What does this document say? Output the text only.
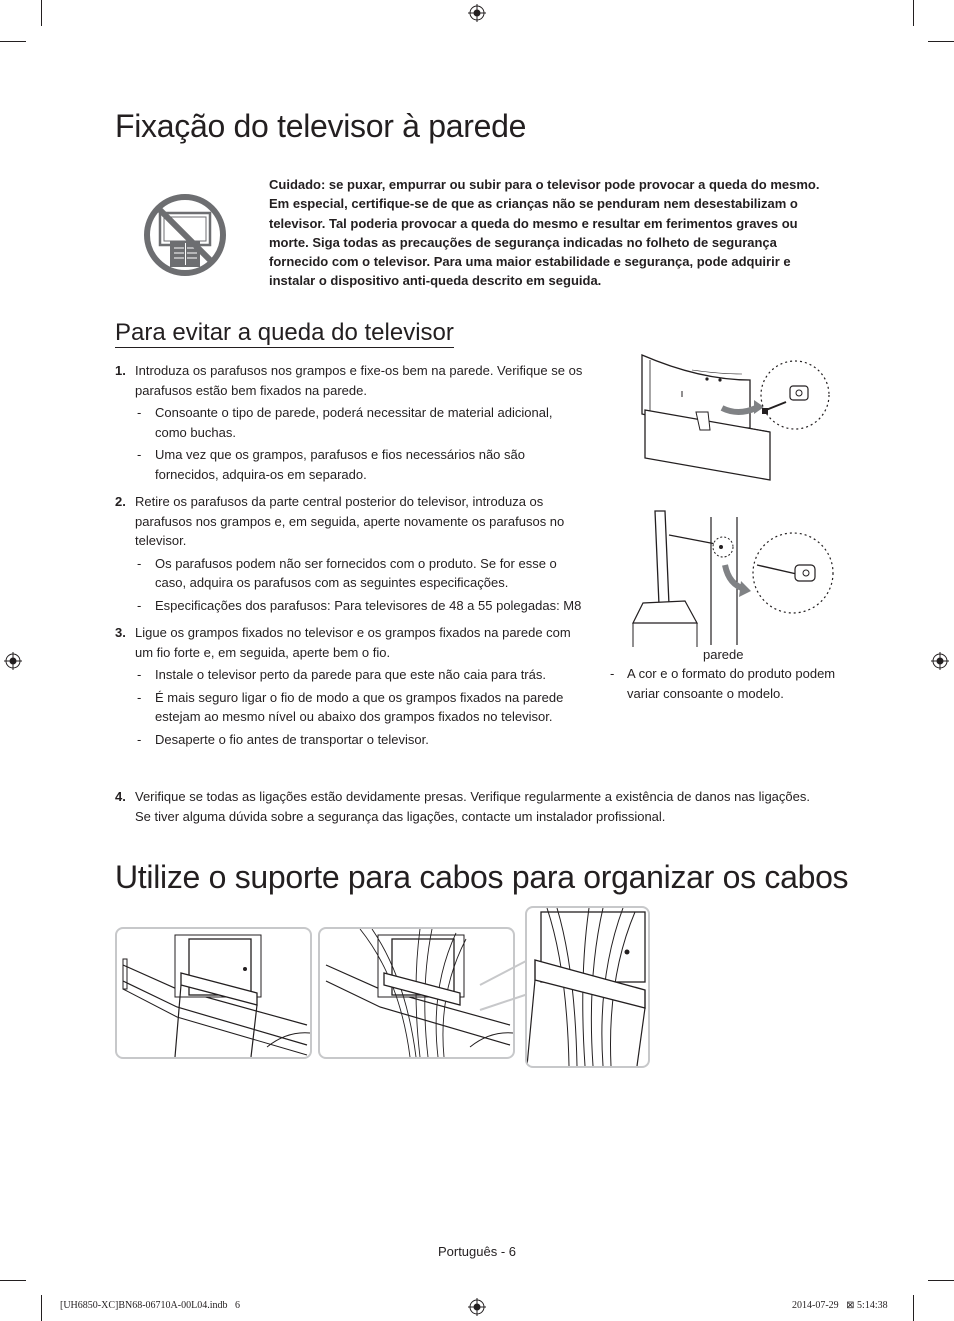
Fixação do televisor à parede
Cuidado: se puxar, empurrar ou subir para o televisor pode provocar a queda do mesmo. Em especial, certifique-se de que as crianças não se penduram nem desestabilizam o televisor. Tal poderia provocar a queda do mesmo e resultar em ferimentos graves ou morte. Siga todas as precauções de segurança indicadas no folheto de segurança fornecido com o televisor. Para uma maior estabilidade e segurança, pode adquirir e instalar o dispositivo anti-queda descrito em seguida.
Para evitar a queda do televisor
1. Introduza os parafusos nos grampos e fixe-os bem na parede. Verifique se os parafusos estão bem fixados na parede.
- Consoante o tipo de parede, poderá necessitar de material adicional, como buchas.
- Uma vez que os grampos, parafusos e fios necessários não são fornecidos, adquira-os em separado.
2. Retire os parafusos da parte central posterior do televisor, introduza os parafusos nos grampos e, em seguida, aperte novamente os parafusos no televisor.
- Os parafusos podem não ser fornecidos com o produto. Se for esse o caso, adquira os parafusos com as seguintes especificações.
- Especificações dos parafusos: Para televisores de 48 a 55 polegadas: M8
3. Ligue os grampos fixados no televisor e os grampos fixados na parede com um fio forte e, em seguida, aperte bem o fio.
- Instale o televisor perto da parede para que este não caia para trás.
- É mais seguro ligar o fio de modo a que os grampos fixados na parede estejam ao mesmo nível ou abaixo dos grampos fixados no televisor.
- Desaperte o fio antes de transportar o televisor.
4. Verifique se todas as ligações estão devidamente presas. Verifique regularmente a existência de danos nas ligações. Se tiver alguma dúvida sobre a segurança das ligações, contacte um instalador profissional.
parede
- A cor e o formato do produto podem variar consoante o modelo.
Utilize o suporte para cabos para organizar os cabos
Português - 6
[UH6850-XC]BN68-06710A-00L04.indb   6	2014-07-29   ⊠ 5:14:38
